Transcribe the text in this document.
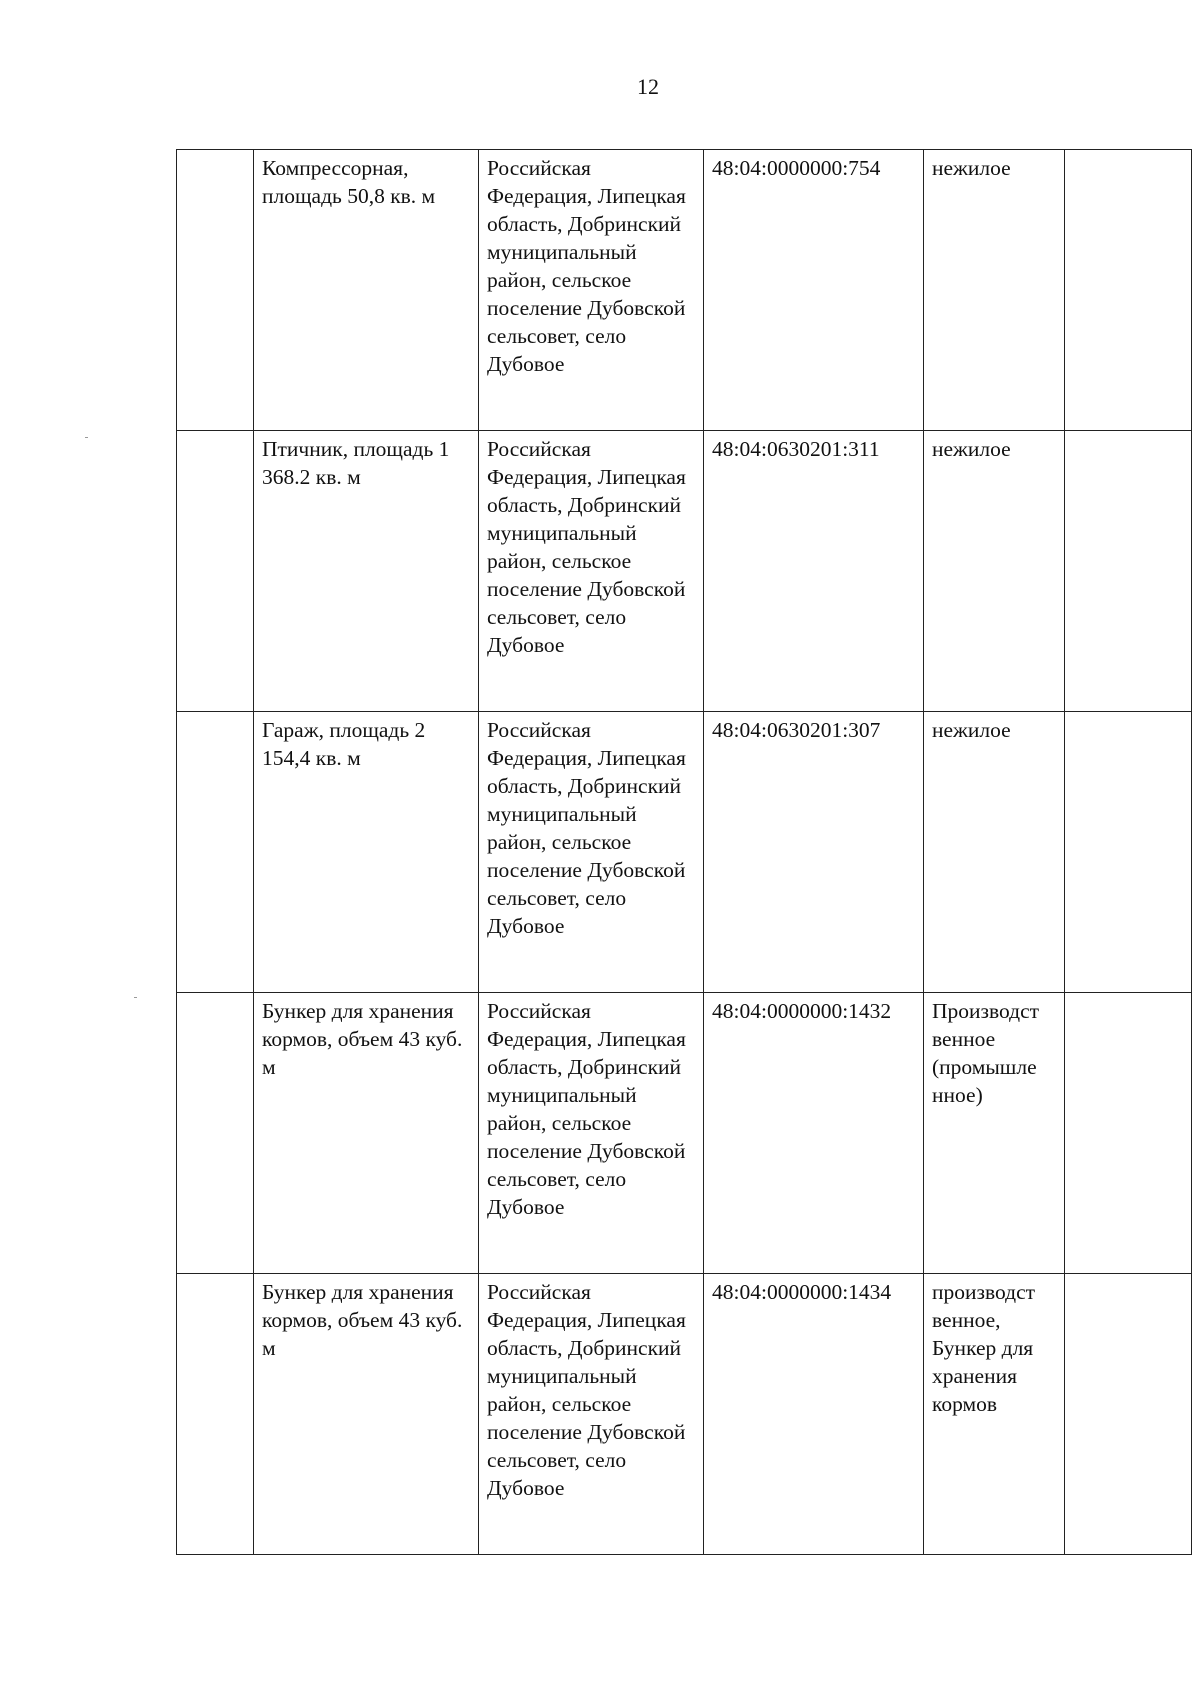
12
	Компрессорная, площадь 50,8 кв. м	Российская Федерация, Липецкая область, Добринский муниципальный район, сельское поселение Дубовской сельсовет, село Дубовое	48:04:0000000:754	нежилое	
	Птичник, площадь 1 368.2 кв. м	Российская Федерация, Липецкая область, Добринский муниципальный район, сельское поселение Дубовской сельсовет, село Дубовое	48:04:0630201:311	нежилое	
	Гараж, площадь 2 154,4 кв. м	Российская Федерация, Липецкая область, Добринский муниципальный район, сельское поселение Дубовской сельсовет, село Дубовое	48:04:0630201:307	нежилое	
	Бункер для хранения кормов, объем 43 куб. м	Российская Федерация, Липецкая область, Добринский муниципальный район, сельское поселение Дубовской сельсовет, село Дубовое	48:04:0000000:1432	Производст венное (промышле нное)	
	Бункер для хранения кормов, объем 43 куб. м	Российская Федерация, Липецкая область, Добринский муниципальный район, сельское поселение Дубовской сельсовет, село Дубовое	48:04:0000000:1434	производст венное, Бункер для хранения кормов	
